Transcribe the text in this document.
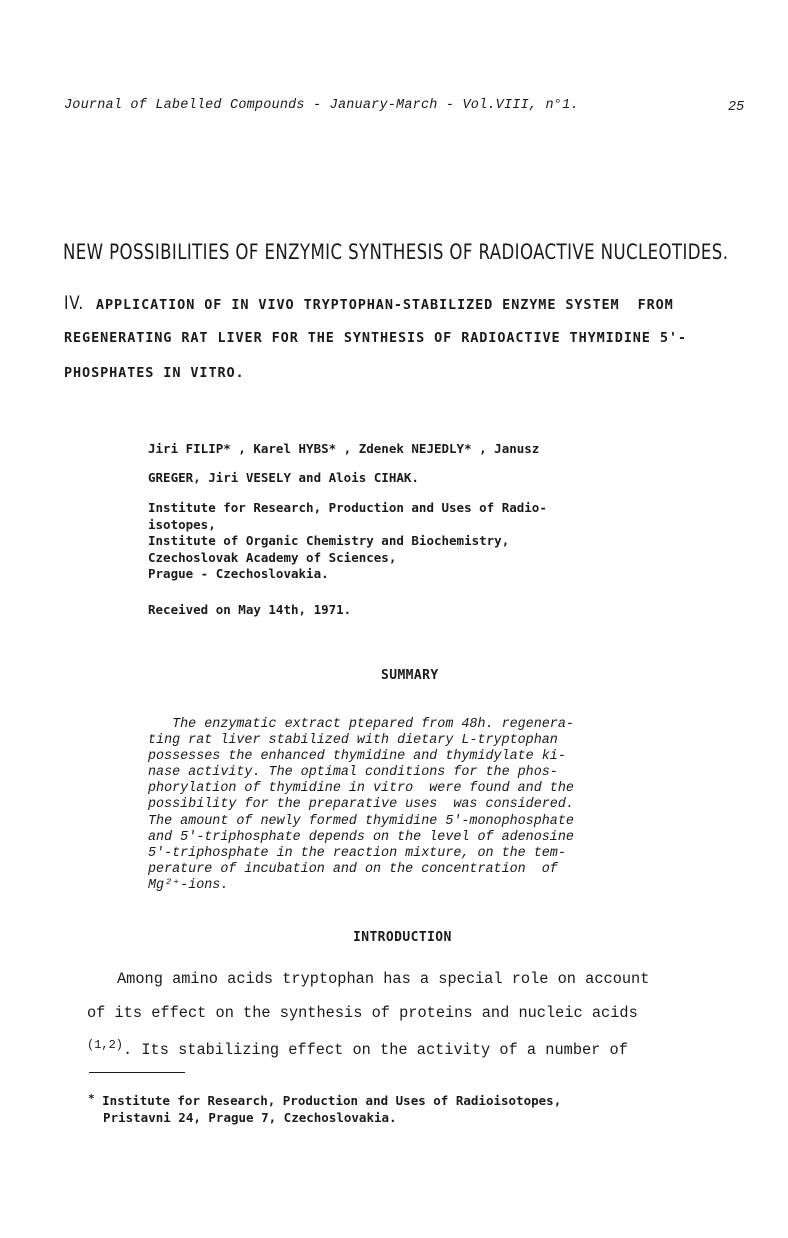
Journal of Labelled Compounds - January-March - Vol.VIII, n°1.	25
NEW POSSIBILITIES OF ENZYMIC SYNTHESIS OF RADIOACTIVE NUCLEOTIDES.
IV. APPLICATION OF IN VIVO TRYPTOPHAN-STABILIZED ENZYME SYSTEM  FROM
REGENERATING RAT LIVER FOR THE SYNTHESIS OF RADIOACTIVE THYMIDINE 5'-
PHOSPHATES IN VITRO.
Jiri FILIP* , Karel HYBS* , Zdenek NEJEDLY* , Janusz
GREGER, Jiri VESELY and Alois CIHAK.
Institute for Research, Production and Uses of Radio-
isotopes,
Institute of Organic Chemistry and Biochemistry,
Czechoslovak Academy of Sciences,
Prague - Czechoslovakia.
Received on May 14th, 1971.
SUMMARY
The enzymatic extract ptepared from 48h. regenera-
ting rat liver stabilized with dietary L-tryptophan
possesses the enhanced thymidine and thymidylate ki-
nase activity. The optimal conditions for the phos-
phorylation of thymidine in vitro  were found and the
possibility for the preparative uses  was considered.
The amount of newly formed thymidine 5'-monophosphate
and 5'-triphosphate depends on the level of adenosine
5'-triphosphate in the reaction mixture, on the tem-
perature of incubation and on the concentration  of
Mg²⁺-ions.
INTRODUCTION
Among amino acids tryptophan has a special role on account
of its effect on the synthesis of proteins and nucleic acids
$^{(1,2)}$. Its stabilizing effect on the activity of a number of
* Institute for Research, Production and Uses of Radioisotopes,
Pristavni 24, Prague 7, Czechoslovakia.
